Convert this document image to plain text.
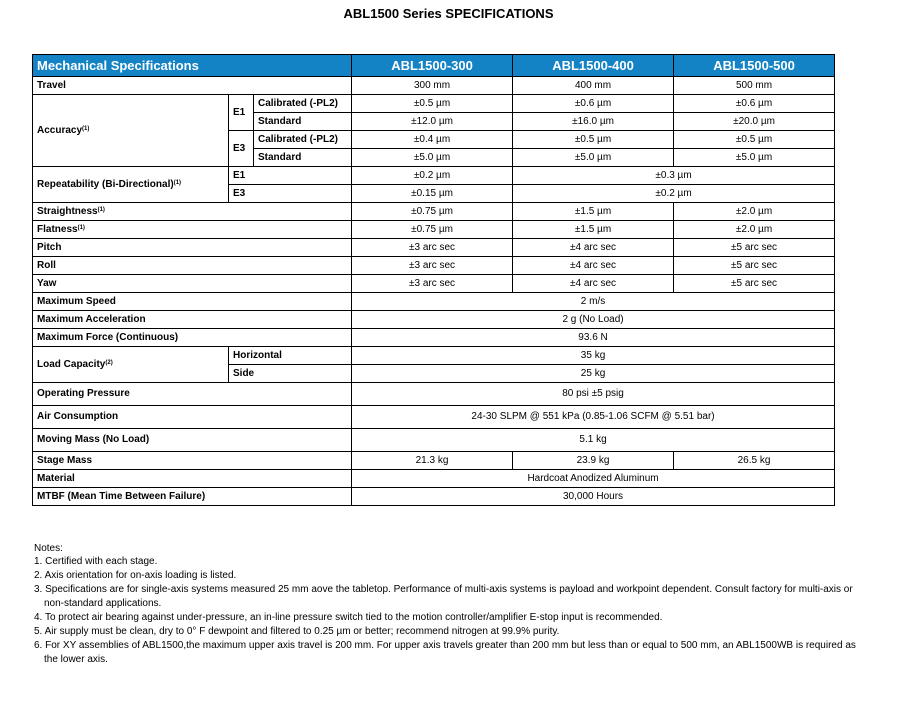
ABL1500 Series SPECIFICATIONS
Mechanical Specifications			ABL1500-300	ABL1500-400	ABL1500-500
Travel			300 mm	400 mm	500 mm
Accuracy$^{(1)}$	E1	Calibrated (-PL2)	±0.5 µm	±0.6 µm	±0.6 µm
		Standard	±12.0 µm	±16.0 µm	±20.0 µm
	E3	Calibrated (-PL2)	±0.4 µm	±0.5 µm	±0.5 µm
		Standard	±5.0 µm	±5.0 µm	±5.0 µm
Repeatability (Bi-Directional)$^{(1)}$	E1		±0.2 µm	±0.3 µm	
	E3		±0.15 µm	±0.2 µm	
Straightness$^{(1)}$			±0.75 µm	±1.5 µm	±2.0 µm
Flatness$^{(1)}$			±0.75 µm	±1.5 µm	±2.0 µm
Pitch			±3 arc sec	±4 arc sec	±5 arc sec
Roll			±3 arc sec	±4 arc sec	±5 arc sec
Yaw			±3 arc sec	±4 arc sec	±5 arc sec
Maximum Speed			2 m/s		
Maximum Acceleration			2 g (No Load)		
Maximum Force (Continuous)			93.6 N		
Load Capacity$^{(2)}$	Horizontal		35 kg		
	Side		25 kg		
Operating Pressure			80 psi ±5 psig		
Air Consumption			24-30 SLPM @ 551 kPa (0.85-1.06 SCFM @ 5.51 bar)		
Moving Mass (No Load)			5.1 kg		
Stage Mass			21.3 kg	23.9 kg	26.5 kg
Material			Hardcoat Anodized Aluminum		
MTBF (Mean Time Between Failure)			30,000 Hours		
Notes:
1. Certified with each stage.
2. Axis orientation for on-axis loading is listed.
3. Specifications are for single-axis systems measured 25 mm aove the tabletop. Performance of multi-axis systems is payload and workpoint dependent. Consult factory for multi-axis or non-standard applications.
4. To protect air bearing against under-pressure, an in-line pressure switch tied to the motion controller/amplifier E-stop input is recommended.
5. Air supply must be clean, dry to 0° F dewpoint and filtered to 0.25 µm or better; recommend nitrogen at 99.9% purity.
6. For XY assemblies of ABL1500,the maximum upper axis travel is 200 mm. For upper axis travels greater than 200 mm but less than or equal to 500 mm, an ABL1500WB is required as the lower axis.
